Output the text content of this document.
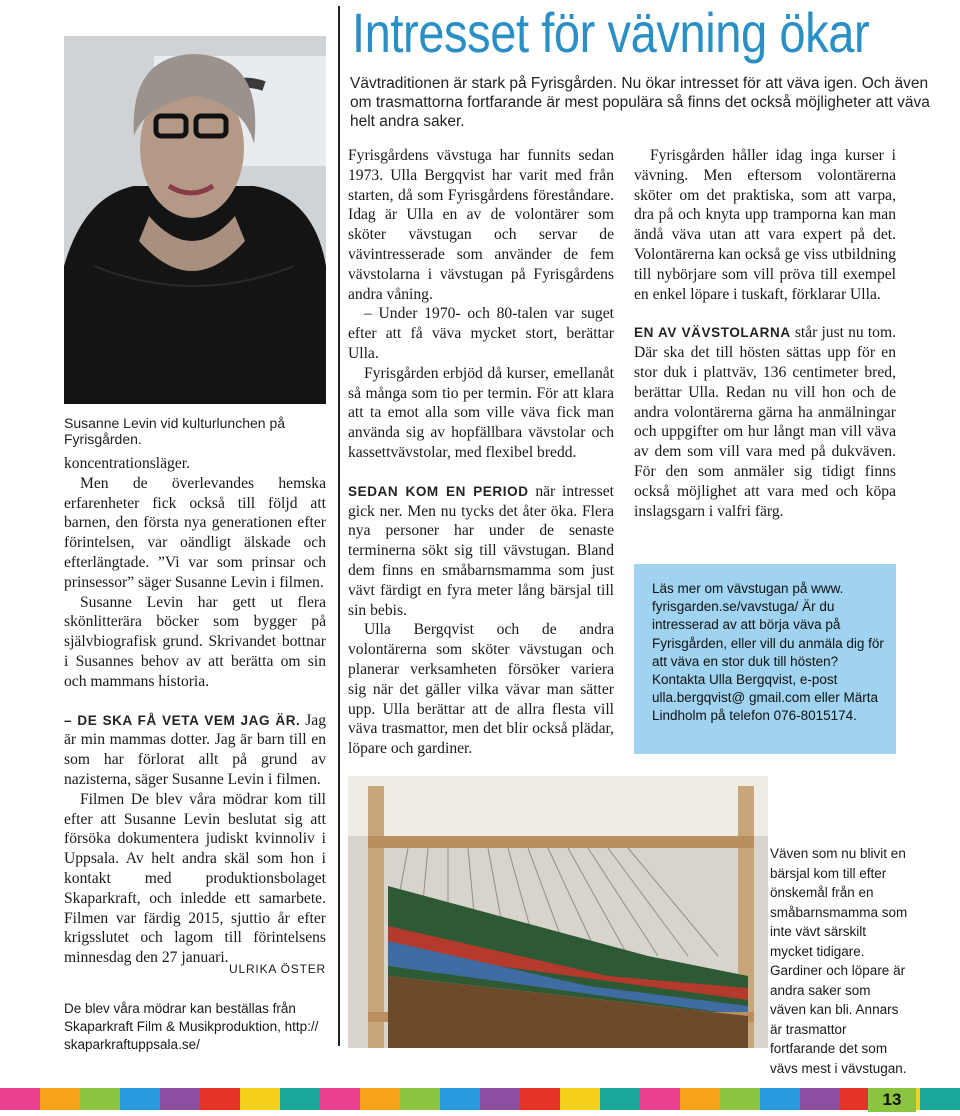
Intresset för vävning ökar
Vävtraditionen är stark på Fyrisgården. Nu ökar intresset för att väva igen. Och även om trasmattorna fortfarande är mest populära så finns det också möjligheter att väva helt andra saker.
Susanne Levin vid kulturlunchen på Fyrisgården.

koncentrationsläger.

Men de överlevandes hemska erfarenheter fick också till följd att barnen, den första nya generationen efter förintelsen, var oändligt älskade och efterlängtade. ”Vi var som prinsar och prinsessor” säger Susanne Levin i filmen.

Susanne Levin har gett ut flera skönlitterära böcker som bygger på självbiografisk grund. Skrivandet bottnar i Susannes behov av att berätta om sin och mammans historia.

– DE SKA FÅ VETA VEM JAG ÄR. Jag är min mammas dotter. Jag är barn till en som har förlorat allt på grund av nazisterna, säger Susanne Levin i filmen.

Filmen De blev våra mödrar kom till efter att Susanne Levin beslutat sig att försöka dokumentera judiskt kvinnoliv i Uppsala. Av helt andra skäl som hon i kontakt med produktionsbolaget Skaparkraft, och inledde ett samarbete. Filmen var färdig 2015, sjuttio år efter krigsslutet och lagom till förintelsens minnesdag den 27 januari.

ULRIKA ÖSTER
De blev våra mödrar kan beställas från Skaparkraft Film & Musikproduktion, http:// skaparkraftuppsala.se/

Fyrisgårdens vävstuga har funnits sedan 1973. Ulla Bergqvist har varit med från starten, då som Fyrisgårdens föreståndare. Idag är Ulla en av de volontärer som sköter vävstugan och servar de vävintresserade som använder de fem vävstolarna i vävstugan på Fyrisgårdens andra våning.

– Under 1970- och 80-talen var suget efter att få väva mycket stort, berättar Ulla.

Fyrisgården erbjöd då kurser, emellanåt så många som tio per termin. För att klara att ta emot alla som ville väva fick man använda sig av hopfällbara vävstolar och kassettvävstolar, med flexibel bredd.

SEDAN KOM EN PERIOD när intresset gick ner. Men nu tycks det åter öka. Flera nya personer har under de senaste terminerna sökt sig till vävstugan. Bland dem finns en småbarnsmamma som just vävt färdigt en fyra meter lång bärsjal till sin bebis.

Ulla Bergqvist och de andra volontärerna som sköter vävstugan och planerar verksamheten försöker variera sig när det gäller vilka vävar man sätter upp. Ulla berättar att de allra flesta vill väva trasmattor, men det blir också plädar, löpare och gardiner.

Fyrisgården håller idag inga kurser i vävning. Men eftersom volontärerna sköter om det praktiska, som att varpa, dra på och knyta upp tramporna kan man ändå väva utan att vara expert på det. Volontärerna kan också ge viss utbildning till nybörjare som vill pröva till exempel en enkel löpare i tuskaft, förklarar Ulla.

EN AV VÄVSTOLARNA står just nu tom. Där ska det till hösten sättas upp för en stor duk i plattväv, 136 centimeter bred, berättar Ulla. Redan nu vill hon och de andra volontärerna gärna ha anmälningar och uppgifter om hur långt man vill väva av dem som vill vara med på dukväven. För den som anmäler sig tidigt finns också möjlighet att vara med och köpa inslagsgarn i valfri färg.

Läs mer om vävstugan på www. fyrisgarden.se/vavstuga/ Är du intresserad av att börja väva på Fyrisgården, eller vill du anmäla dig för att väva en stor duk till hösten? Kontakta Ulla Bergqvist, e-post ulla.bergqvist@ gmail.com eller Märta Lindholm på telefon 076-8015174.
Väven som nu blivit en bärsjal kom till efter önskemål från en småbarnsmamma som inte vävt särskilt mycket tidigare. Gardiner och löpare är andra saker som väven kan bli. Annars är trasmattor fortfarande det som vävs mest i vävstugan.
13
